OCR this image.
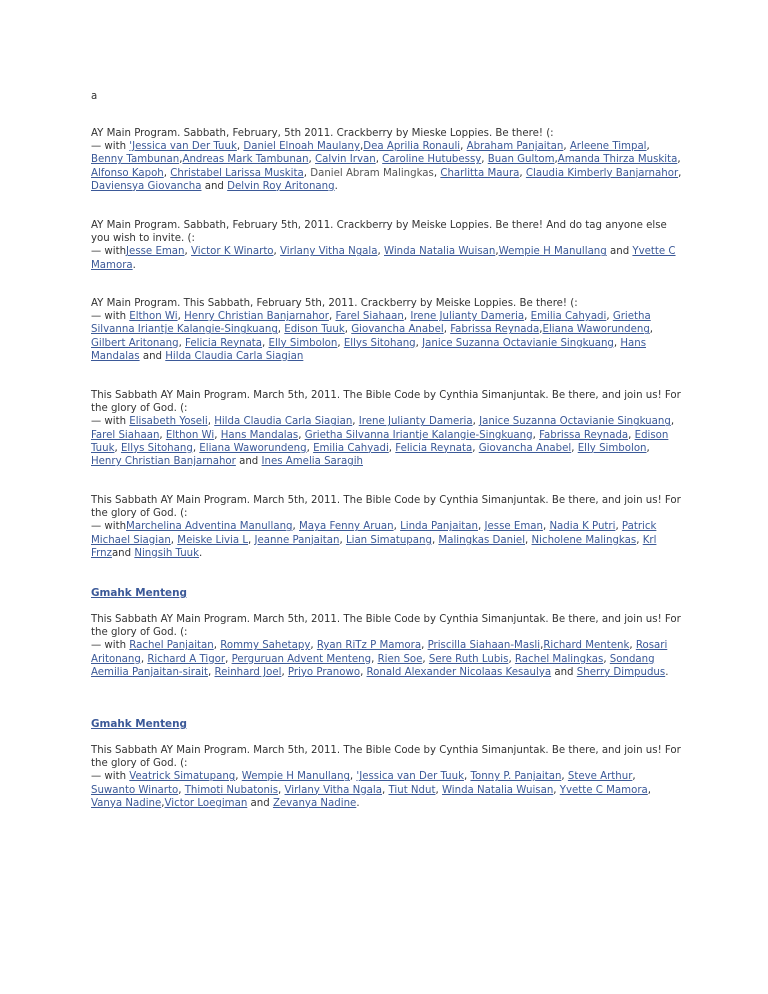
a

AY Main Program. Sabbath, February, 5th 2011. Crackberry by Mieske Loppies. Be there! (:

— with 'Jessica van Der Tuuk, Daniel Elnoah Maulany,Dea Aprilia Ronauli, Abraham Panjaitan, Arleene Timpal, Benny Tambunan,Andreas Mark Tambunan, Calvin Irvan, Caroline Hutubessy, Buan Gultom,Amanda Thirza Muskita, Alfonso Kapoh, Christabel Larissa Muskita, Daniel Abram Malingkas, Charlitta Maura, Claudia Kimberly Banjarnahor, Daviensya Giovancha and Delvin Roy Aritonang.

AY Main Program. Sabbath, February 5th, 2011. Crackberry by Meiske Loppies. Be there! And do tag anyone else you wish to invite. (:

— withJesse Eman, Victor K Winarto, Virlany Vitha Ngala, Winda Natalia Wuisan,Wempie H Manullang and Yvette C Mamora.

AY Main Program. This Sabbath, February 5th, 2011. Crackberry by Meiske Loppies. Be there! (:

— with Elthon Wi, Henry Christian Banjarnahor, Farel Siahaan, Irene Julianty Dameria, Emilia Cahyadi, Grietha Silvanna Iriantje Kalangie-Singkuang, Edison Tuuk, Giovancha Anabel, Fabrissa Reynada,Eliana Waworundeng, Gilbert Aritonang, Felicia Reynata, Elly Simbolon, Ellys Sitohang, Janice Suzanna Octavianie Singkuang, Hans Mandalas and Hilda Claudia Carla Siagian

This Sabbath AY Main Program. March 5th, 2011. The Bible Code by Cynthia Simanjuntak. Be there, and join us! For the glory of God. (:

— with Elisabeth Yoseli, Hilda Claudia Carla Siagian, Irene Julianty Dameria, Janice Suzanna Octavianie Singkuang, Farel Siahaan, Elthon Wi, Hans Mandalas, Grietha Silvanna Iriantje Kalangie-Singkuang, Fabrissa Reynada, Edison Tuuk, Ellys Sitohang, Eliana Waworundeng, Emilia Cahyadi, Felicia Reynata, Giovancha Anabel, Elly Simbolon, Henry Christian Banjarnahor and Ines Amelia Saragih

This Sabbath AY Main Program. March 5th, 2011. The Bible Code by Cynthia Simanjuntak. Be there, and join us! For the glory of God. (:

— withMarchelina Adventina Manullang, Maya Fenny Aruan, Linda Panjaitan, Jesse Eman, Nadia K Putri, Patrick Michael Siagian, Meiske Livia L, Jeanne Panjaitan, Lian Simatupang, Malingkas Daniel, Nicholene Malingkas, Krl Frnzand Ningsih Tuuk.

Gmahk Menteng

This Sabbath AY Main Program. March 5th, 2011. The Bible Code by Cynthia Simanjuntak. Be there, and join us! For the glory of God. (:

— with Rachel Panjaitan, Rommy Sahetapy, Ryan RiTz P Mamora, Priscilla Siahaan-Masli,Richard Mentenk, Rosari Aritonang, Richard A Tigor, Perguruan Advent Menteng, Rien Soe, Sere Ruth Lubis, Rachel Malingkas, Sondang Aemilia Panjaitan-sirait, Reinhard Joel, Priyo Pranowo, Ronald Alexander Nicolaas Kesaulya and Sherry Dimpudus.

Gmahk Menteng

This Sabbath AY Main Program. March 5th, 2011. The Bible Code by Cynthia Simanjuntak. Be there, and join us! For the glory of God. (:

— with Veatrick Simatupang, Wempie H Manullang, 'Jessica van Der Tuuk, Tonny P. Panjaitan, Steve Arthur, Suwanto Winarto, Thimoti Nubatonis, Virlany Vitha Ngala, Tiut Ndut, Winda Natalia Wuisan, Yvette C Mamora, Vanya Nadine,Victor Loegiman and Zevanya Nadine.
